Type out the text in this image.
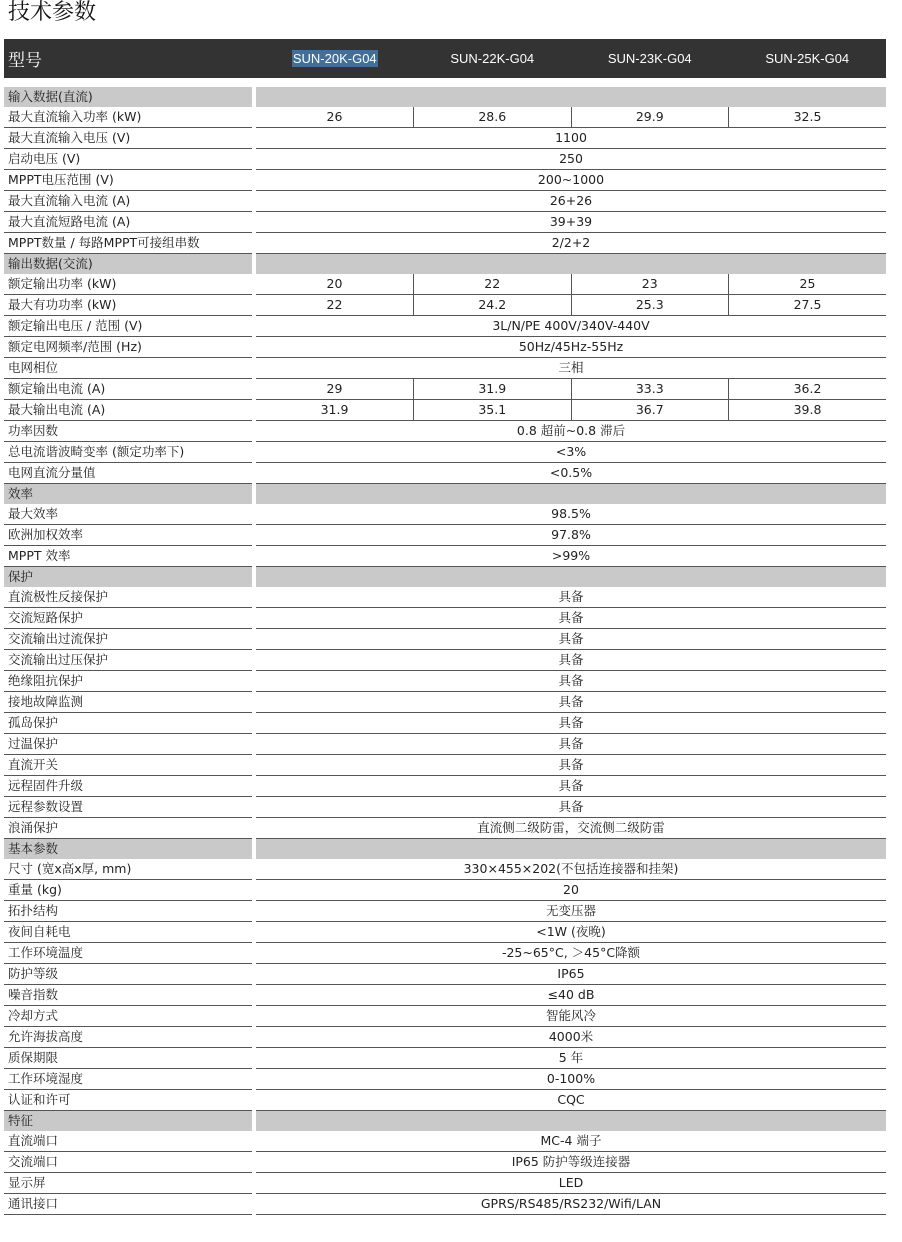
技术参数
型号		SUN-20K-G04	SUN-22K-G04	SUN-23K-G04	SUN-25K-G04

输入数据(直流)					
最大直流输入功率 (kW)		26	28.6	29.9	32.5
最大直流输入电压 (V)		1100			
启动电压 (V)		250			
MPPT电压范围 (V)		200~1000			
最大直流输入电流 (A)		26+26			
最大直流短路电流 (A)		39+39			
MPPT数量 / 每路MPPT可接组串数		2/2+2			
输出数据(交流)					
额定输出功率 (kW)		20	22	23	25
最大有功功率 (kW)		22	24.2	25.3	27.5
额定输出电压 / 范围 (V)		3L/N/PE 400V/340V-440V			
额定电网频率/范围 (Hz)		50Hz/45Hz-55Hz			
电网相位		三相			
额定输出电流 (A)		29	31.9	33.3	36.2
最大输出电流 (A)		31.9	35.1	36.7	39.8
功率因数		0.8 超前~0.8 滞后			
总电流谐波畸变率 (额定功率下)		<3%			
电网直流分量值		<0.5%			
效率					
最大效率		98.5%			
欧洲加权效率		97.8%			
MPPT 效率		>99%			
保护					
直流极性反接保护		具备			
交流短路保护		具备			
交流输出过流保护		具备			
交流输出过压保护		具备			
绝缘阻抗保护		具备			
接地故障监测		具备			
孤岛保护		具备			
过温保护		具备			
直流开关		具备			
远程固件升级		具备			
远程参数设置		具备			
浪涌保护		直流侧二级防雷，交流侧二级防雷			
基本参数					
尺寸 (宽x高x厚, mm)		330×455×202(不包括连接器和挂架)			
重量 (kg)		20			
拓扑结构		无变压器			
夜间自耗电		<1W (夜晚)			
工作环境温度		-25~65°C, ＞45°C降额			
防护等级		IP65			
噪音指数		≤40 dB			
冷却方式		智能风冷			
允许海拔高度		4000米			
质保期限		5 年			
工作环境湿度		0-100%			
认证和许可		CQC			
特征					
直流端口		MC-4 端子			
交流端口		IP65 防护等级连接器			
显示屏		LED			
通讯接口		GPRS/RS485/RS232/Wifi/LAN			
